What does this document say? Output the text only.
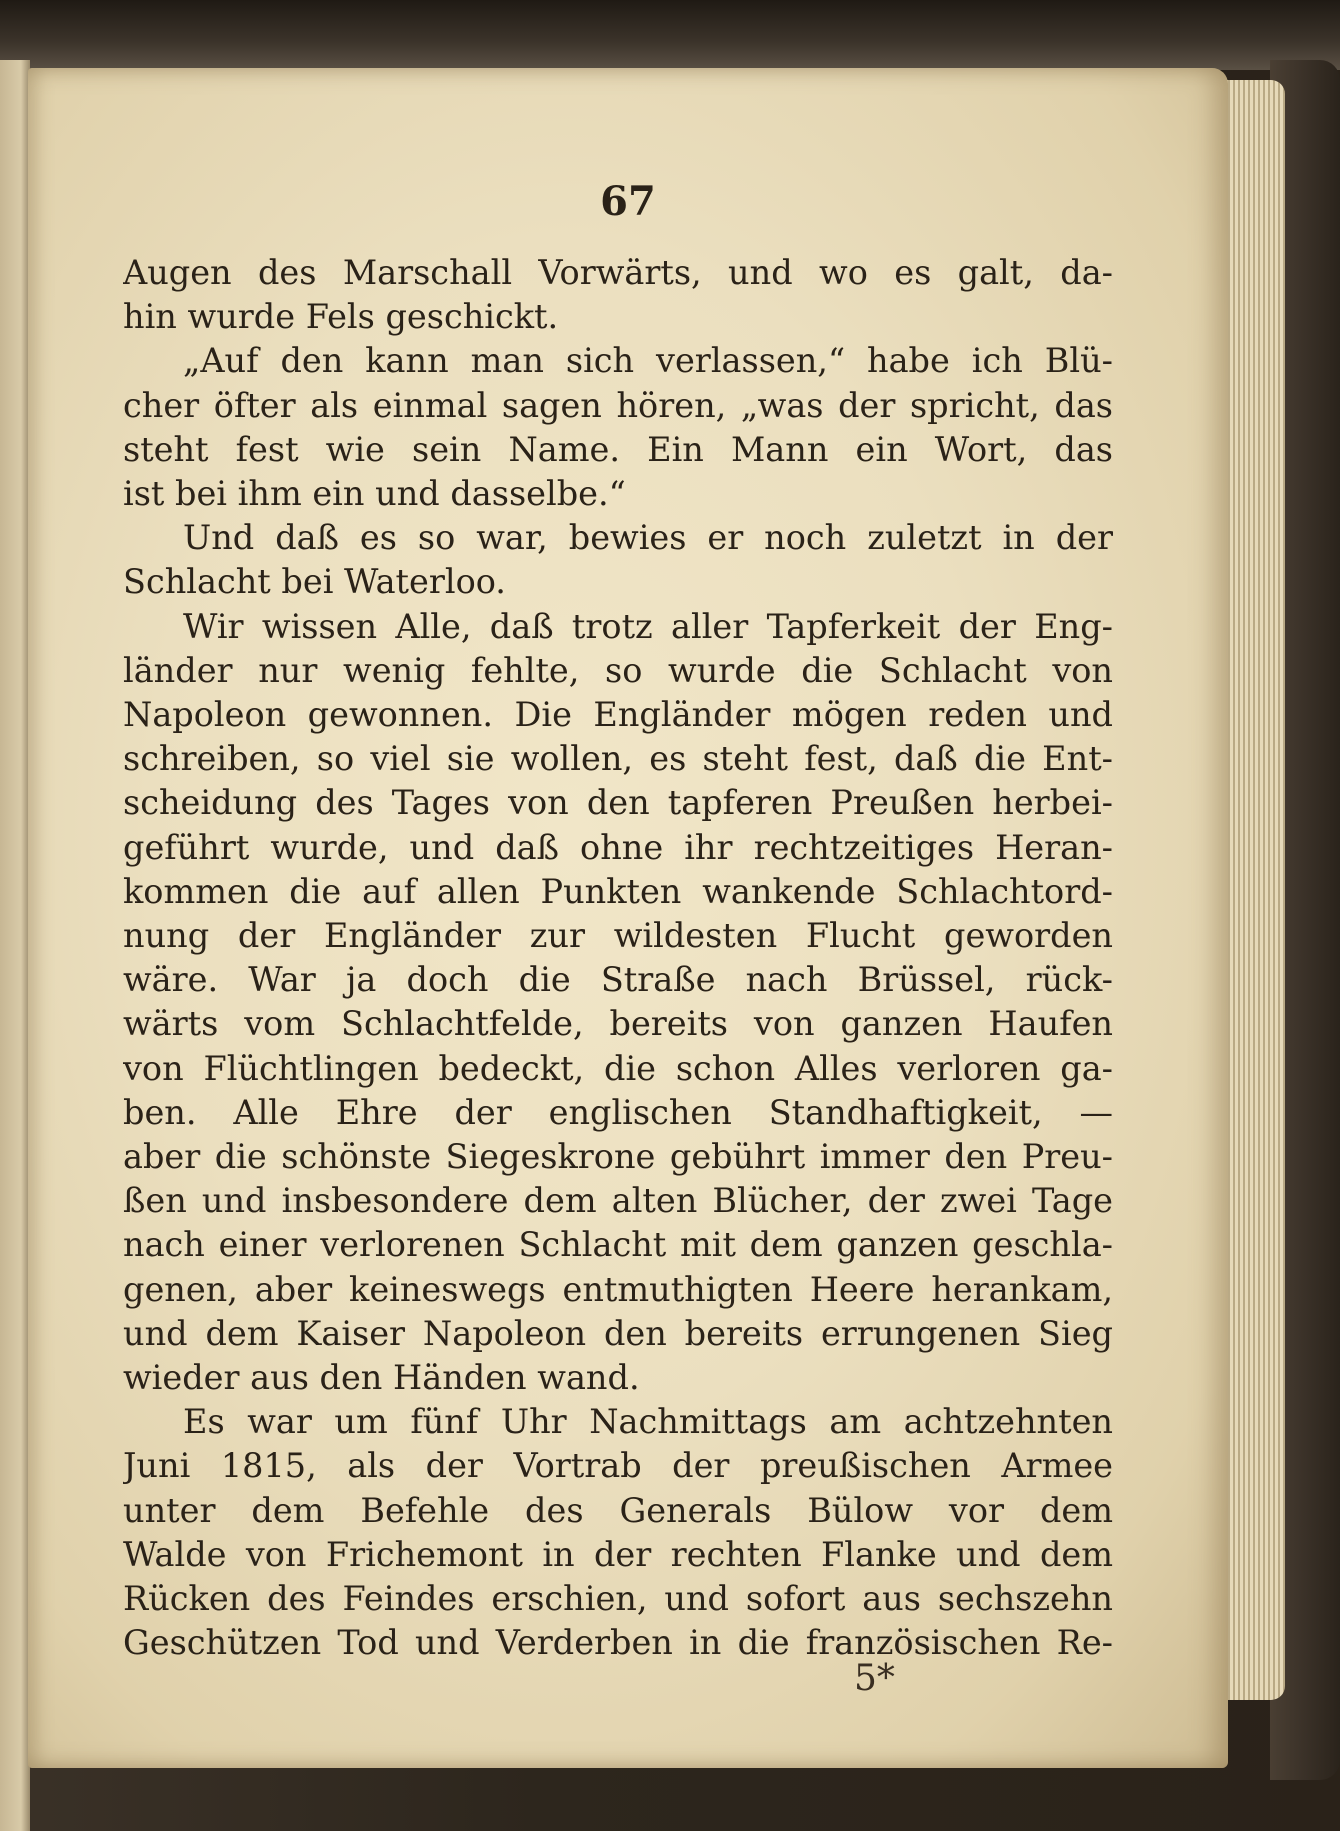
67
Augen des Marschall Vorwärts, und wo es galt, da-
hin wurde Fels geschickt.
„Auf den kann man sich verlassen,“ habe ich Blü-
cher öfter als einmal sagen hören, „was der spricht, das
steht fest wie sein Name. Ein Mann ein Wort, das
ist bei ihm ein und dasselbe.“
Und daß es so war, bewies er noch zuletzt in der
Schlacht bei Waterloo.
Wir wissen Alle, daß trotz aller Tapferkeit der Eng-
länder nur wenig fehlte, so wurde die Schlacht von
Napoleon gewonnen. Die Engländer mögen reden und
schreiben, so viel sie wollen, es steht fest, daß die Ent-
scheidung des Tages von den tapferen Preußen herbei-
geführt wurde, und daß ohne ihr rechtzeitiges Heran-
kommen die auf allen Punkten wankende Schlachtord-
nung der Engländer zur wildesten Flucht geworden
wäre. War ja doch die Straße nach Brüssel, rück-
wärts vom Schlachtfelde, bereits von ganzen Haufen
von Flüchtlingen bedeckt, die schon Alles verloren ga-
ben. Alle Ehre der englischen Standhaftigkeit, —
aber die schönste Siegeskrone gebührt immer den Preu-
ßen und insbesondere dem alten Blücher, der zwei Tage
nach einer verlorenen Schlacht mit dem ganzen geschla-
genen, aber keineswegs entmuthigten Heere herankam,
und dem Kaiser Napoleon den bereits errungenen Sieg
wieder aus den Händen wand.
Es war um fünf Uhr Nachmittags am achtzehnten
Juni 1815, als der Vortrab der preußischen Armee
unter dem Befehle des Generals Bülow vor dem
Walde von Frichemont in der rechten Flanke und dem
Rücken des Feindes erschien, und sofort aus sechszehn
Geschützen Tod und Verderben in die französischen Re-
5*
